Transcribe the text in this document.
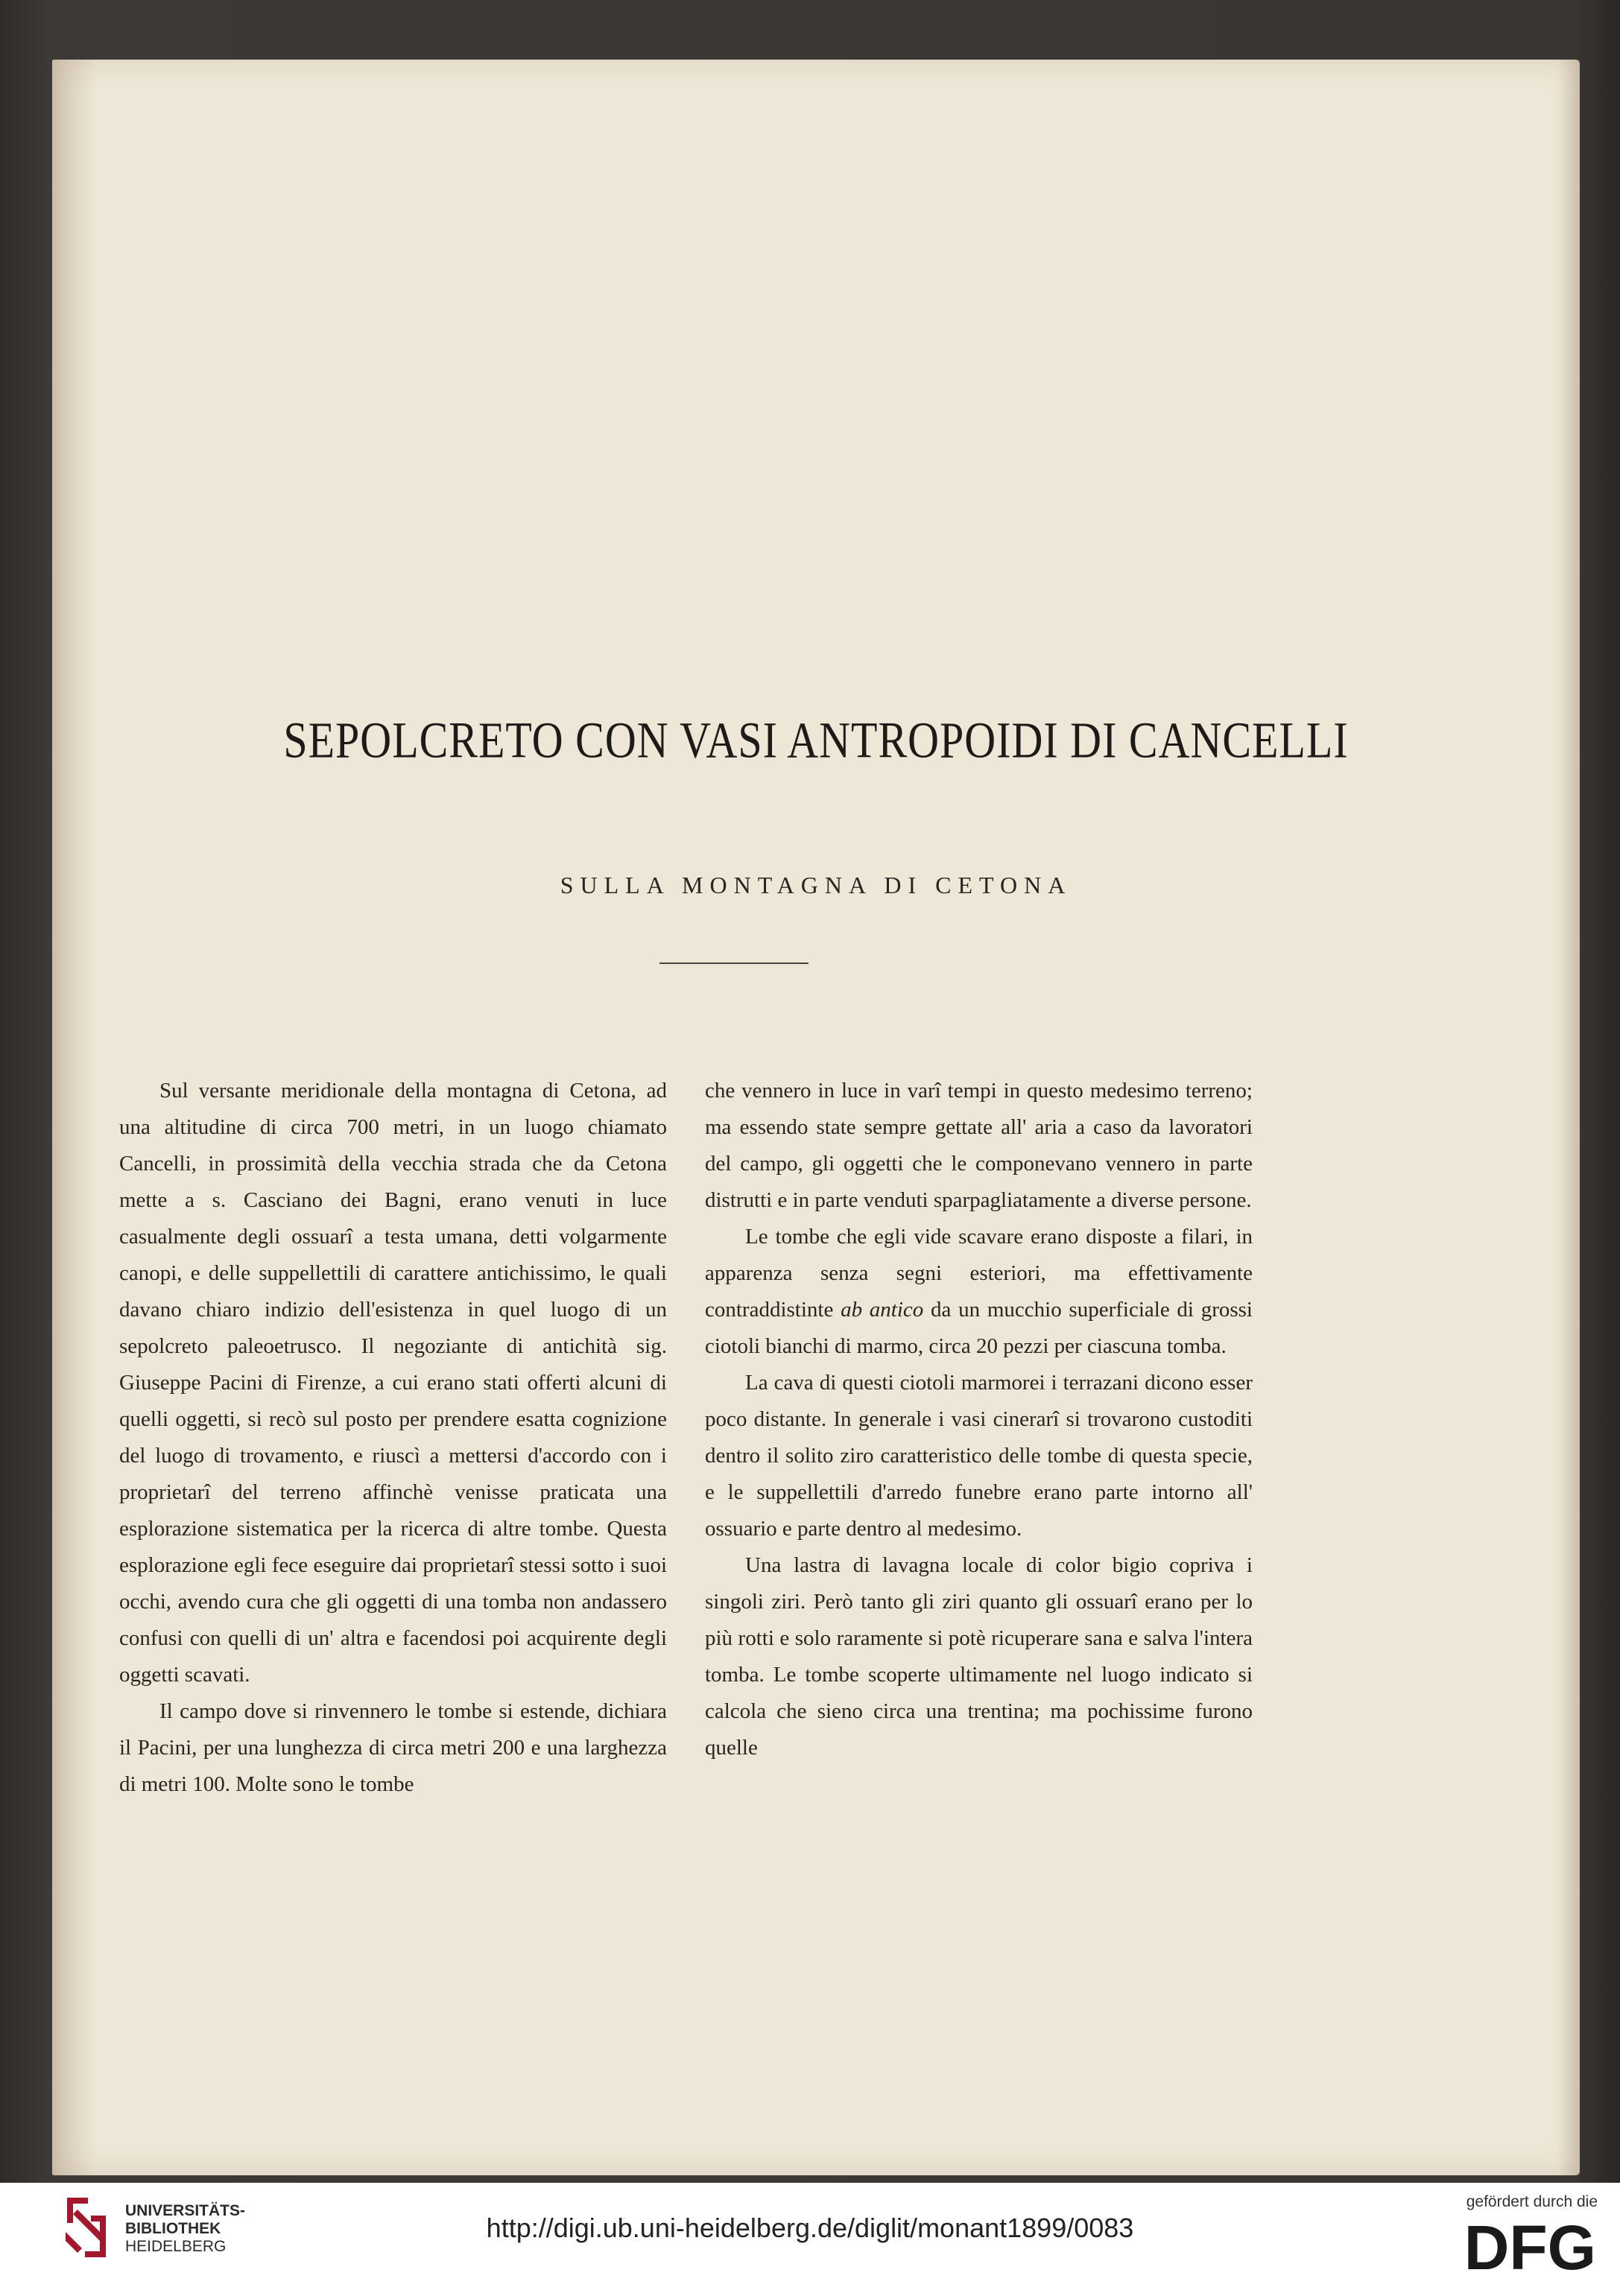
SEPOLCRETO CON VASI ANTROPOIDI DI CANCELLI
SULLA MONTAGNA DI CETONA

Sul versante meridionale della montagna di Cetona, ad una altitudine di circa 700 metri, in un luogo chiamato Cancelli, in prossimità della vecchia strada che da Cetona mette a s. Casciano dei Bagni, erano venuti in luce casualmente degli ossuarî a testa umana, detti volgarmente canopi, e delle suppellettili di carattere antichissimo, le quali davano chiaro indizio dell'esistenza in quel luogo di un sepolcreto paleoetrusco. Il negoziante di antichità sig. Giuseppe Pacini di Firenze, a cui erano stati offerti alcuni di quelli oggetti, si recò sul posto per prendere esatta cognizione del luogo di trovamento, e riuscì a mettersi d'accordo con i proprietarî del terreno affinchè venisse praticata una esplorazione sistematica per la ricerca di altre tombe. Questa esplorazione egli fece eseguire dai proprietarî stessi sotto i suoi occhi, avendo cura che gli oggetti di una tomba non andassero confusi con quelli di un' altra e facendosi poi acquirente degli oggetti scavati.

Il campo dove si rinvennero le tombe si estende, dichiara il Pacini, per una lunghezza di circa metri 200 e una larghezza di metri 100. Molte sono le tombe

che vennero in luce in varî tempi in questo medesimo terreno; ma essendo state sempre gettate all' aria a caso da lavoratori del campo, gli oggetti che le componevano vennero in parte distrutti e in parte venduti sparpagliatamente a diverse persone.

Le tombe che egli vide scavare erano disposte a filari, in apparenza senza segni esteriori, ma effettivamente contraddistinte ab antico da un mucchio superficiale di grossi ciotoli bianchi di marmo, circa 20 pezzi per ciascuna tomba.

La cava di questi ciotoli marmorei i terrazani dicono esser poco distante. In generale i vasi cinerarî si trovarono custoditi dentro il solito ziro caratteristico delle tombe di questa specie, e le suppellettili d'arredo funebre erano parte intorno all' ossuario e parte dentro al medesimo.

Una lastra di lavagna locale di color bigio copriva i singoli ziri. Però tanto gli ziri quanto gli ossuarî erano per lo più rotti e solo raramente si potè ricuperare sana e salva l'intera tomba. Le tombe scoperte ultimamente nel luogo indicato si calcola che sieno circa una trentina; ma pochissime furono quelle

UNIVERSITÄTS-
BIBLIOTHEK
HEIDELBERG
http://digi.ub.uni-heidelberg.de/diglit/monant1899/0083
gefördert durch die
DFG
